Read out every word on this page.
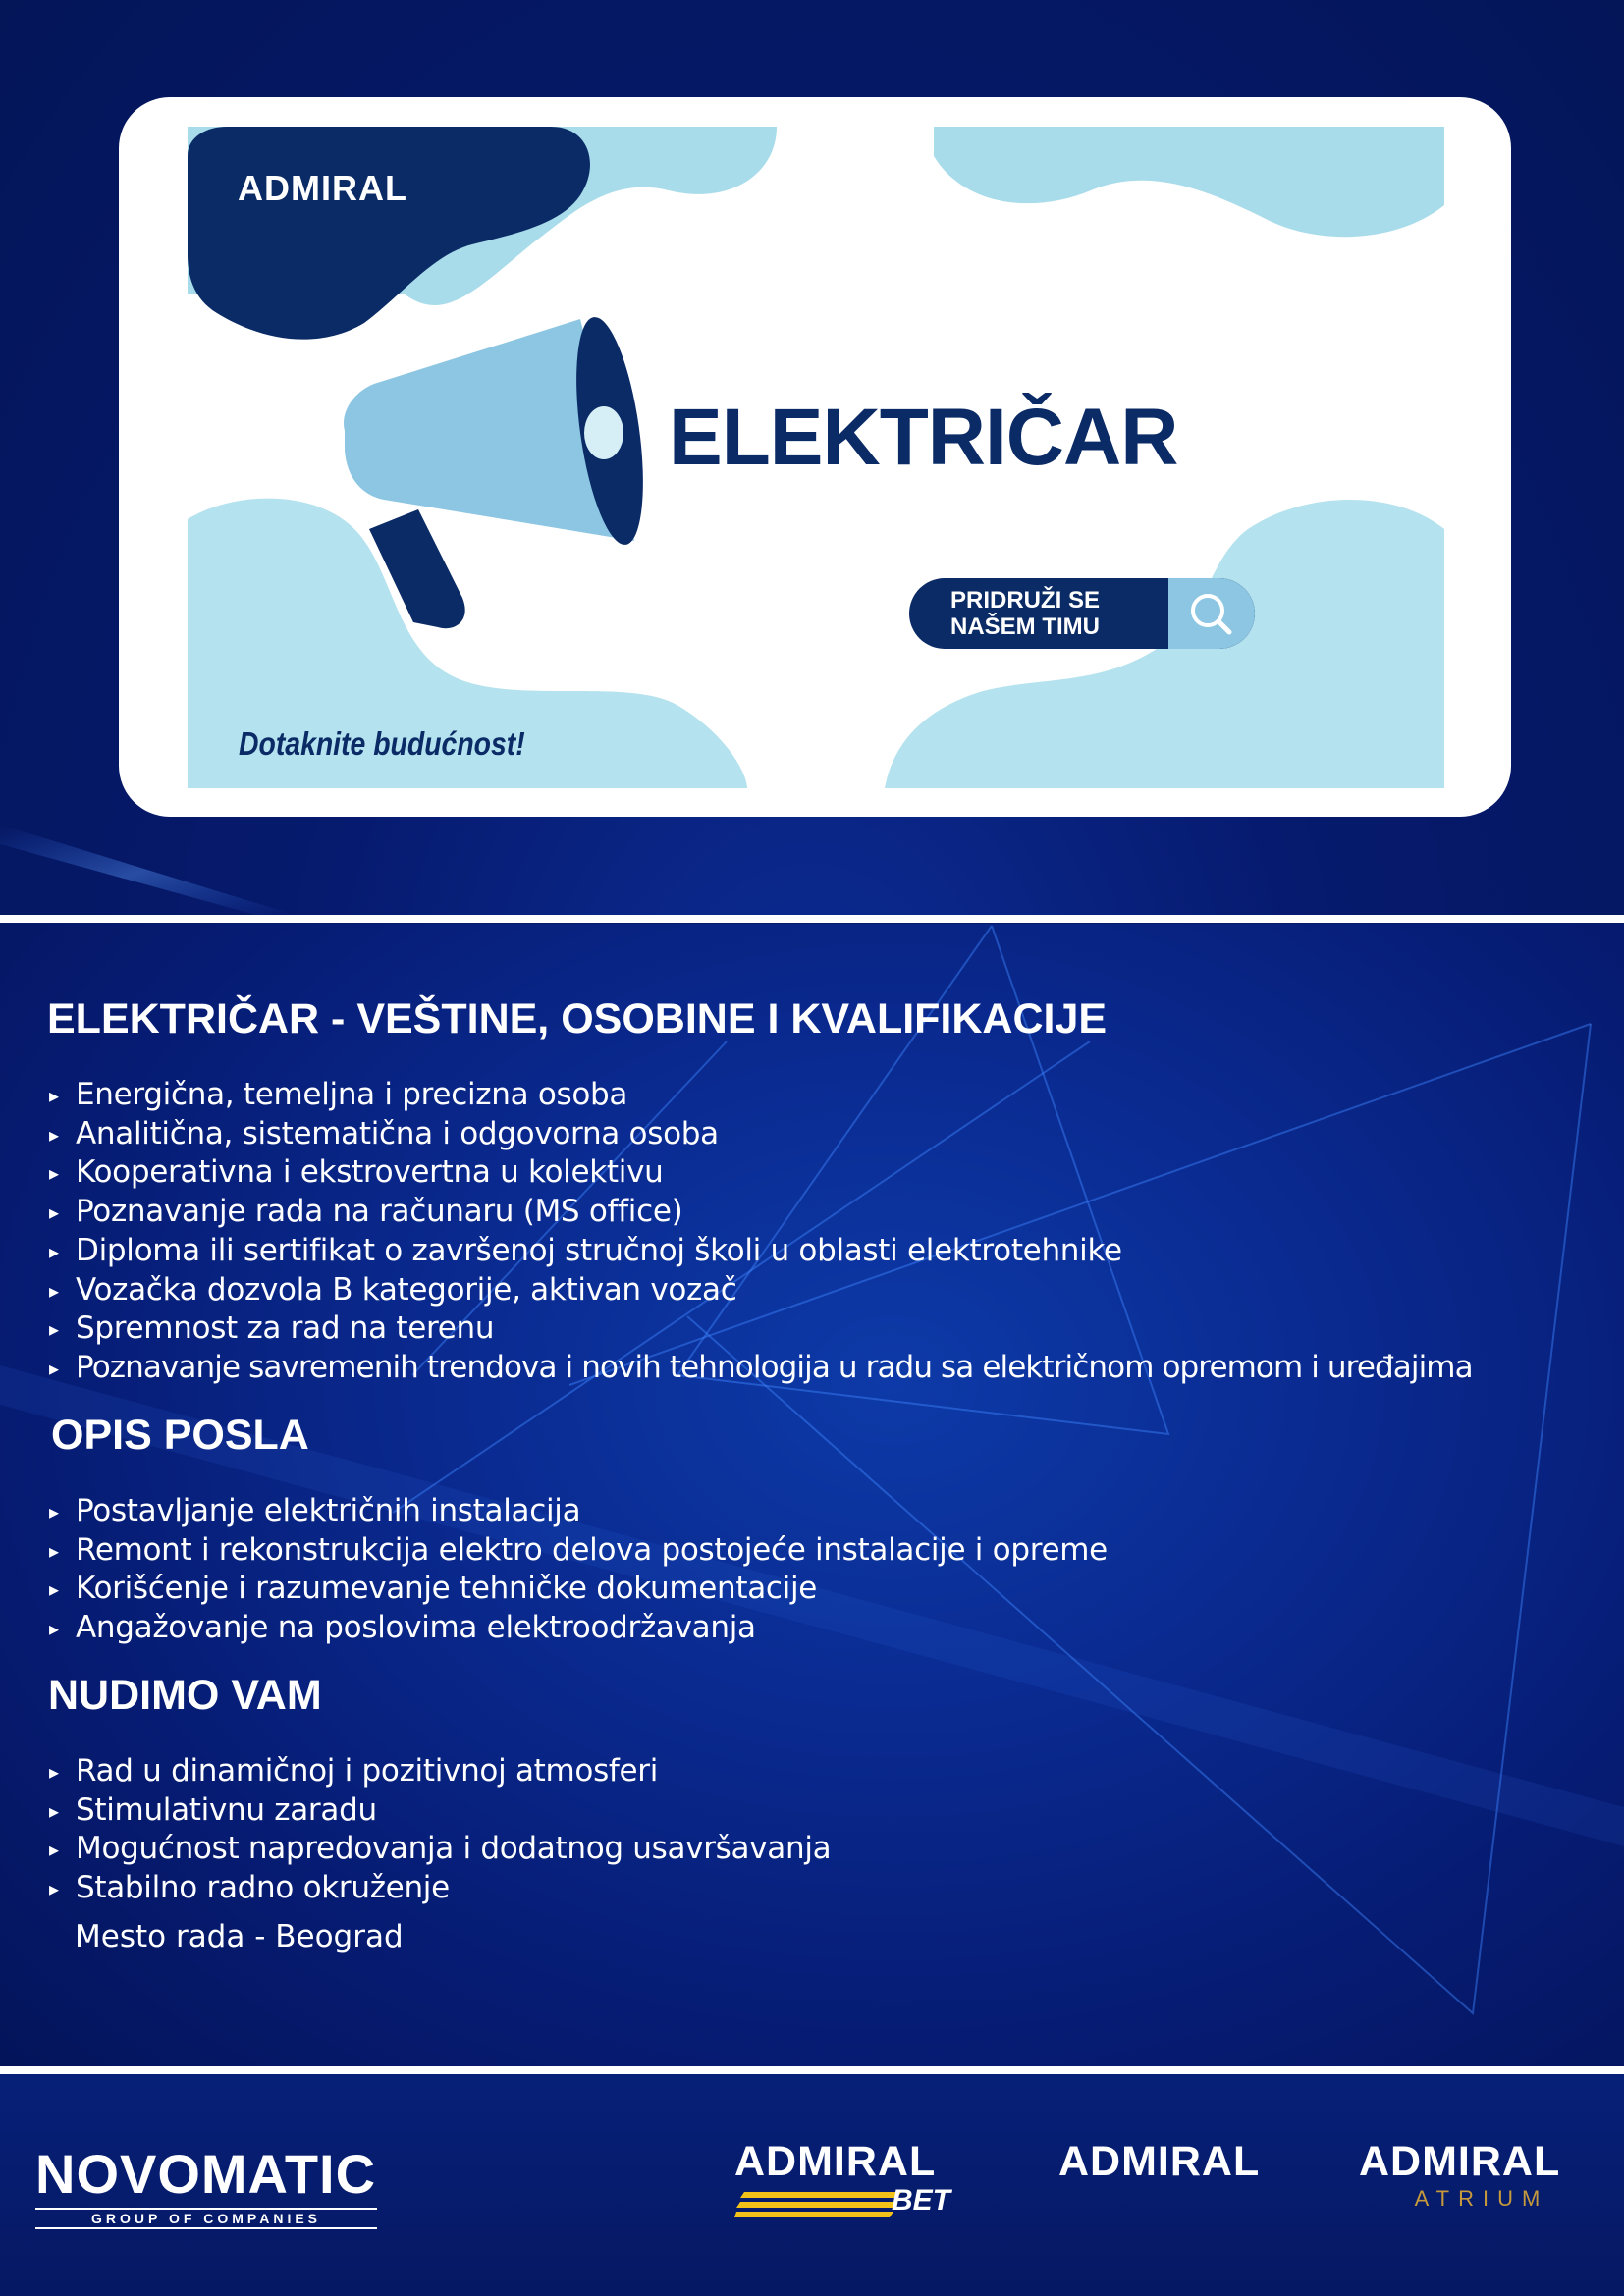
ADMIRAL
ELEKTRIČAR
PRIDRUŽI SE
NAŠEM TIMU
Dotaknite budućnost!
ELEKTRIČAR - VEŠTINE, OSOBINE I KVALIFIKACIJE
▸ Energična, temeljna i precizna osoba
▸ Analitična, sistematična i odgovorna osoba
▸ Kooperativna i ekstrovertna u kolektivu
▸ Poznavanje rada na računaru (MS office)
▸ Diploma ili sertifikat o završenoj stručnoj školi u oblasti elektrotehnike
▸ Vozačka dozvola B kategorije, aktivan vozač
▸ Spremnost za rad na terenu
▸ Poznavanje savremenih trendova i novih tehnologija u radu sa električnom opremom i uređajima
OPIS POSLA
▸ Postavljanje električnih instalacija
▸ Remont i rekonstrukcija elektro delova postojeće instalacije i opreme
▸ Korišćenje i razumevanje tehničke dokumentacije
▸ Angažovanje na poslovima elektroodržavanja
NUDIMO VAM
▸ Rad u dinamičnoj i pozitivnoj atmosferi
▸ Stimulativnu zaradu
▸ Mogućnost napredovanja i dodatnog usavršavanja
▸ Stabilno radno okruženje
Mesto rada - Beograd
NOVOMATIC
GROUP OF COMPANIES
ADMIRAL
BET
ADMIRAL ADMIRAL
ATRIUM
